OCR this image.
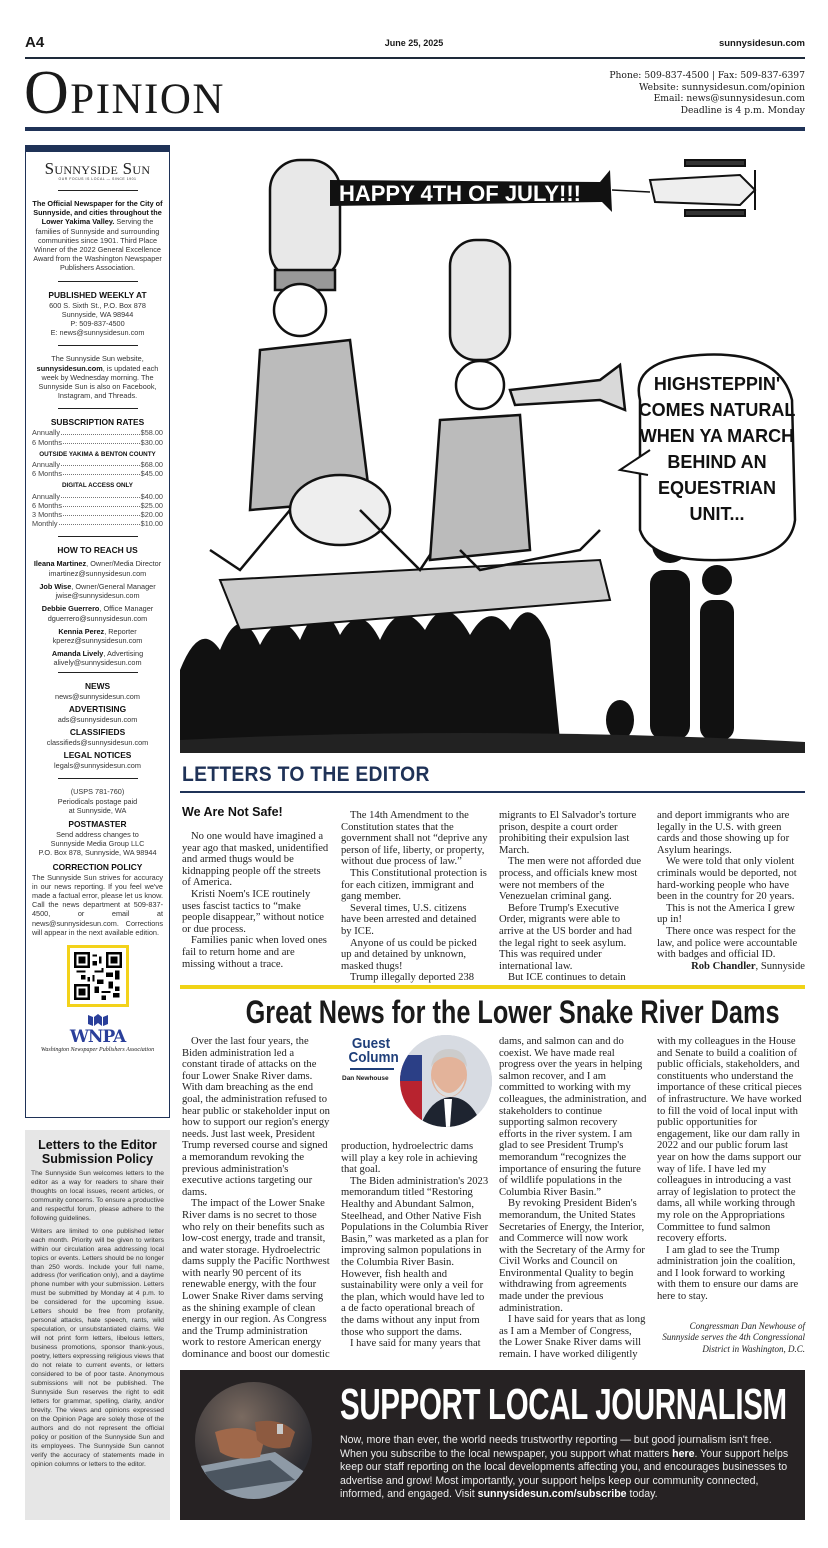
A4	June 25, 2025	sunnysidesun.com
Opinion	Phone: 509-837-4500 | Fax: 509-837-6397
Website: sunnysidesun.com/opinion
Email: news@sunnysidesun.com
Deadline is 4 p.m. Monday
Sunnyside Sun
OUR FOCUS IS LOCAL — SINCE 1901
The Official Newspaper for the City of Sunnyside, and cities throughout the Lower Yakima Valley. Serving the families of Sunnyside and surrounding communities since 1901. Third Place Winner of the 2022 General Excellence Award from the Washington Newspaper Publishers Association.
PUBLISHED WEEKLY AT
600 S. Sixth St., P.O. Box 878
Sunnyside, WA 98944
P: 509-837-4500
E: news@sunnysidesun.com
The Sunnyside Sun website, sunnysidesun.com, is updated each week by Wednesday morning. The Sunnyside Sun is also on Facebook, Instagram, and Threads.
SUBSCRIPTION RATES
Annually	$58.00
6 Months	$30.00
OUTSIDE YAKIMA & BENTON COUNTY
Annually	$68.00
6 Months	$45.00
DIGITAL ACCESS ONLY
Annually	$40.00
6 Months	$25.00
3 Months	$20.00
Monthly	$10.00
HOW TO REACH US
Ileana Martinez, Owner/Media Director
imartinez@sunnysidesun.com
Job Wise, Owner/General Manager
jwise@sunnysidesun.com
Debbie Guerrero, Office Manager
dguerrero@sunnysidesun.com
Kennia Perez, Reporter
kperez@sunnysidesun.com
Amanda Lively, Advertising
alively@sunnysidesun.com
NEWS
news@sunnysidesun.com
ADVERTISING
ads@sunnysidesun.com
CLASSIFIEDS
classifieds@sunnysidesun.com
LEGAL NOTICES
legals@sunnysidesun.com
(USPS 781-760)
Periodicals postage paid
at Sunnyside, WA
POSTMASTER
Send address changes to
Sunnyside Media Group LLC
P.O. Box 878, Sunnyside, WA 98944
CORRECTION POLICY
The Sunnyside Sun strives for accuracy in our news reporting. If you feel we've made a factual error, please let us know. Call the news department at 509-837-4500, or email at news@sunnysidesun.com. Corrections will appear in the next available edition.
WNPA
Washington Newspaper Publishers Association
Letters to the Editor Submission Policy

The Sunnyside Sun welcomes letters to the editor as a way for readers to share their thoughts on local issues, recent articles, or community concerns. To ensure a productive and respectful forum, please adhere to the following guidelines.

Writers are limited to one published letter each month. Priority will be given to writers within our circulation area addressing local topics or events. Letters should be no longer than 250 words. Include your full name, address (for verification only), and a daytime phone number with your submission. Letters must be submitted by Monday at 4 p.m. to be considered for the upcoming issue. Letters should be free from profanity, personal attacks, hate speech, rants, wild speculation, or unsubstantiated claims. We will not print form letters, libelous letters, business promotions, sponsor thank-yous, poetry, letters expressing religious views that do not relate to current events, or letters considered to be of poor taste. Anonymous submissions will not be published. The Sunnyside Sun reserves the right to edit letters for grammar, spelling, clarity, and/or brevity. The views and opinions expressed on the Opinion Page are solely those of the authors and do not represent the official policy or position of the Sunnyside Sun and its employees. The Sunnyside Sun cannot verify the accuracy of statements made in opinion columns or letters to the editor.

HAPPY 4TH OF JULY!!!
HIGHSTEPPIN'
COMES NATURAL
WHEN YA MARCH
BEHIND AN
EQUESTRIAN
UNIT...
LETTERS TO THE EDITOR
We Are Not Safe!

No one would have imagined a year ago that masked, unidentified and armed thugs would be kidnapping people off the streets of America.

Kristi Noem's ICE routinely uses fascist tactics to “make people disappear,” without notice or due process.

Families panic when loved ones fail to return home and are missing without a trace.

The 14th Amendment to the Constitution states that the government shall not “deprive any person of life, liberty, or property, without due process of law.”

This Constitutional protection is for each citizen, immigrant and gang member.

Several times, U.S. citizens have been arrested and detained by ICE.

Anyone of us could be picked up and detained by unknown, masked thugs!

Trump illegally deported 238

migrants to El Salvador's torture prison, despite a court order prohibiting their expulsion last March.

The men were not afforded due process, and officials knew most were not members of the Venezuelan criminal gang.

Before Trump's Executive Order, migrants were able to arrive at the US border and had the legal right to seek asylum. This was required under international law.

But ICE continues to detain

and deport immigrants who are legally in the U.S. with green cards and those showing up for Asylum hearings.

We were told that only violent criminals would be deported, not hard-working people who have been in the country for 20 years.

This is not the America I grew up in!

There once was respect for the law, and police were accountable with badges and official ID.

Rob Chandler, Sunnyside
Great News for the Lower Snake River Dams
Guest Column
Dan Newhouse

Over the last four years, the Biden administration led a constant tirade of attacks on the four Lower Snake River dams. With dam breaching as the end goal, the administration refused to hear public or stakeholder input on how to support our region's energy needs. Just last week, President Trump reversed course and signed a memorandum revoking the previous administration's executive actions targeting our dams.

The impact of the Lower Snake River dams is no secret to those who rely on their benefits such as low-cost energy, trade and transit, and water storage. Hydroelectric dams supply the Pacific Northwest with nearly 90 percent of its renewable energy, with the four Lower Snake River dams serving as the shining example of clean energy in our region. As Congress and the Trump administration work to restore American energy dominance and boost our domestic

production, hydroelectric dams will play a key role in achieving that goal.

The Biden administration's 2023 memorandum titled “Restoring Healthy and Abundant Salmon, Steelhead, and Other Native Fish Populations in the Columbia River Basin,” was marketed as a plan for improving salmon populations in the Columbia River Basin. However, fish health and sustainability were only a veil for the plan, which would have led to a de facto operational breach of the dams without any input from those who support the dams.

I have said for many years that

dams, and salmon can and do coexist. We have made real progress over the years in helping salmon recover, and I am committed to working with my colleagues, the administration, and stakeholders to continue supporting salmon recovery efforts in the river system. I am glad to see President Trump's memorandum “recognizes the importance of ensuring the future of wildlife populations in the Columbia River Basin.”

By revoking President Biden's memorandum, the United States Secretaries of Energy, the Interior, and Commerce will now work with the Secretary of the Army for Civil Works and Council on Environmental Quality to begin withdrawing from agreements made under the previous administration.

I have said for years that as long as I am a Member of Congress, the Lower Snake River dams will remain. I have worked diligently

with my colleagues in the House and Senate to build a coalition of public officials, stakeholders, and constituents who understand the importance of these critical pieces of infrastructure. We have worked to fill the void of local input with public opportunities for engagement, like our dam rally in 2022 and our public forum last year on how the dams support our way of life. I have led my colleagues in introducing a vast array of legislation to protect the dams, all while working through my role on the Appropriations Committee to fund salmon recovery efforts.

I am glad to see the Trump administration join the coalition, and I look forward to working with them to ensure our dams are here to stay.

Congressman Dan Newhouse of Sunnyside serves the 4th Congressional District in Washington, D.C.
SUPPORT LOCAL JOURNALISM
Now, more than ever, the world needs trustworthy reporting — but good journalism isn't free. When you subscribe to the local newspaper, you support what matters here. Your support helps keep our staff reporting on the local developments affecting you, and encourages businesses to advertise and grow! Most importantly, your support helps keep our community connected, informed, and engaged. Visit sunnysidesun.com/subscribe today.
